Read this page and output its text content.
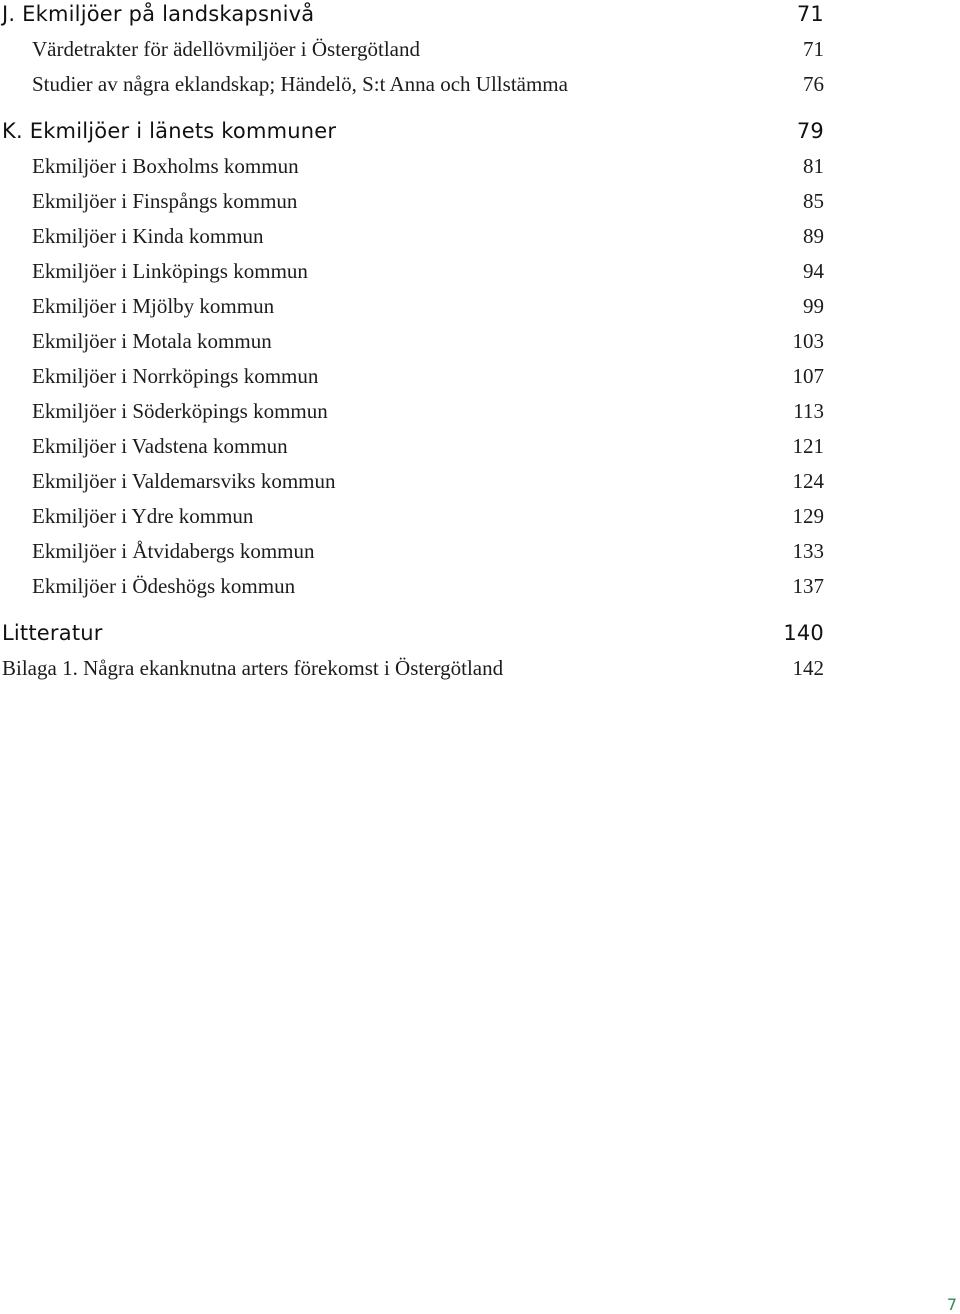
J. Ekmiljöer på landskapsnivå	71
Värdetrakter för ädellövmiljöer i Östergötland	71
Studier av några eklandskap; Händelö, S:t Anna och Ullstämma	76
K. Ekmiljöer i länets kommuner	79
Ekmiljöer i Boxholms kommun	81
Ekmiljöer i Finspångs kommun	85
Ekmiljöer i Kinda kommun	89
Ekmiljöer i Linköpings kommun	94
Ekmiljöer i Mjölby kommun	99
Ekmiljöer i Motala kommun	103
Ekmiljöer i Norrköpings kommun	107
Ekmiljöer i Söderköpings kommun	113
Ekmiljöer i Vadstena kommun	121
Ekmiljöer i Valdemarsviks kommun	124
Ekmiljöer i Ydre kommun	129
Ekmiljöer i Åtvidabergs kommun	133
Ekmiljöer i Ödeshögs kommun	137
Litteratur	140
Bilaga 1. Några ekanknutna arters förekomst i Östergötland	142
7
